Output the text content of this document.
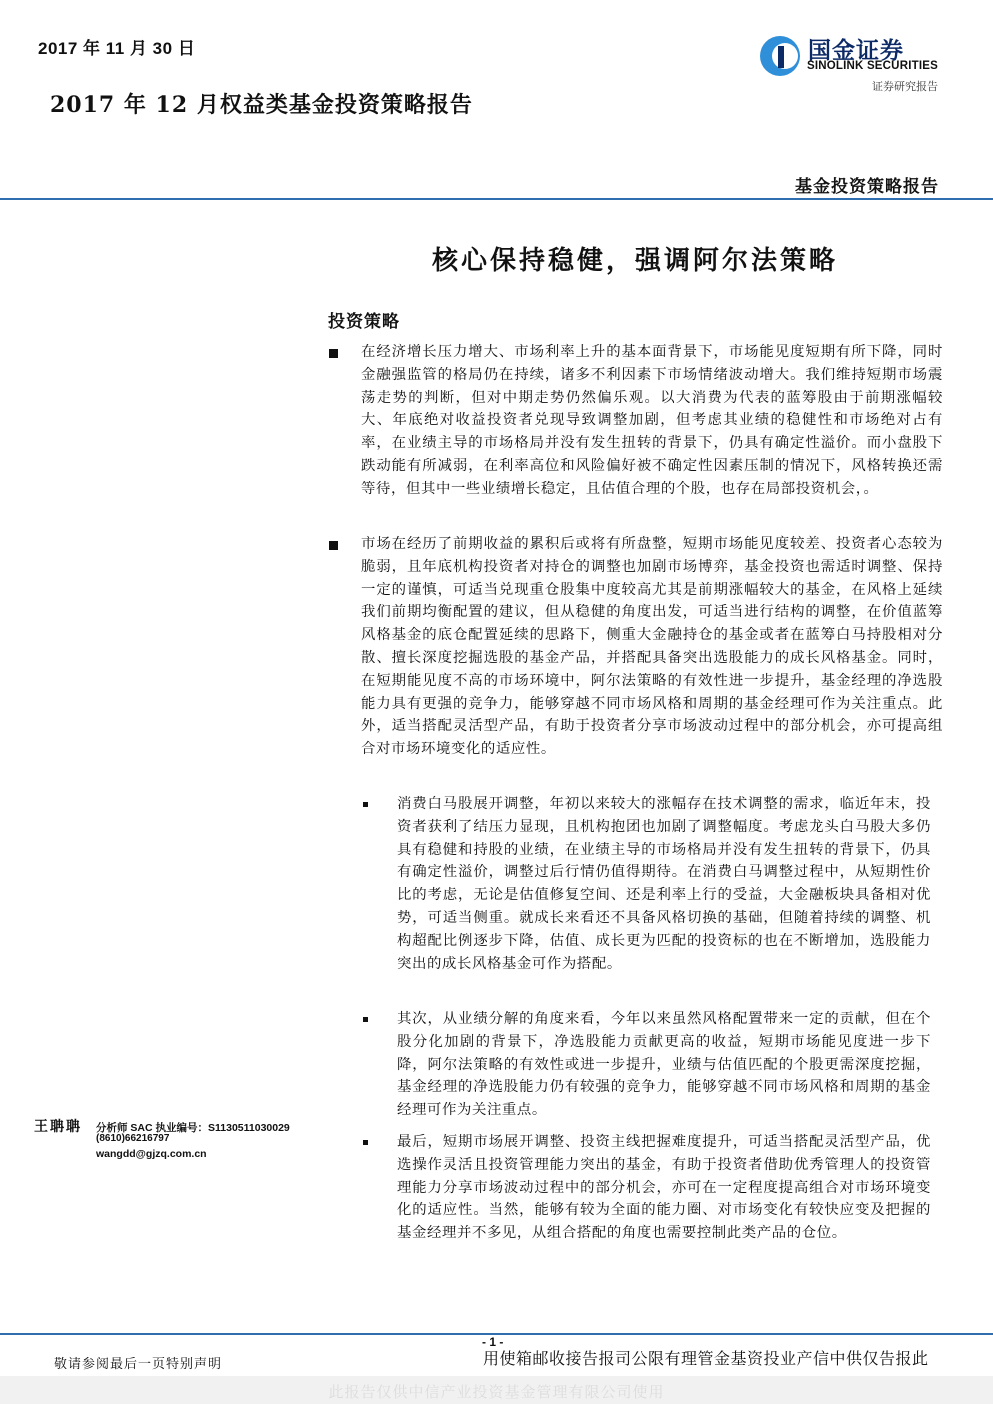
2017 年 11 月 30 日
2017 年 12 月权益类基金投资策略报告
国金证券
SINOLINK SECURITIES
证券研究报告
基金投资策略报告
核心保持稳健，强调阿尔法策略
投资策略
在经济增长压力增大、市场利率上升的基本面背景下，市场能见度短期有所下降，同时金融强监管的格局仍在持续，诸多不利因素下市场情绪波动增大。我们维持短期市场震荡走势的判断，但对中期走势仍然偏乐观。以大消费为代表的蓝筹股由于前期涨幅较大、年底绝对收益投资者兑现导致调整加剧，但考虑其业绩的稳健性和市场绝对占有率，在业绩主导的市场格局并没有发生扭转的背景下，仍具有确定性溢价。而小盘股下跌动能有所减弱，在利率高位和风险偏好被不确定性因素压制的情况下，风格转换还需等待，但其中一些业绩增长稳定，且估值合理的个股，也存在局部投资机会，。
市场在经历了前期收益的累积后或将有所盘整，短期市场能见度较差、投资者心态较为脆弱，且年底机构投资者对持仓的调整也加剧市场博弈，基金投资也需适时调整、保持一定的谨慎，可适当兑现重仓股集中度较高尤其是前期涨幅较大的基金，在风格上延续我们前期均衡配置的建议，但从稳健的角度出发，可适当进行结构的调整，在价值蓝筹风格基金的底仓配置延续的思路下，侧重大金融持仓的基金或者在蓝筹白马持股相对分散、擅长深度挖掘选股的基金产品，并搭配具备突出选股能力的成长风格基金。同时，在短期能见度不高的市场环境中，阿尔法策略的有效性进一步提升，基金经理的净选股能力具有更强的竞争力，能够穿越不同市场风格和周期的基金经理可作为关注重点。此外，适当搭配灵活型产品，有助于投资者分享市场波动过程中的部分机会，亦可提高组合对市场环境变化的适应性。
消费白马股展开调整，年初以来较大的涨幅存在技术调整的需求，临近年末，投资者获利了结压力显现，且机构抱团也加剧了调整幅度。考虑龙头白马股大多仍具有稳健和持股的业绩，在业绩主导的市场格局并没有发生扭转的背景下，仍具有确定性溢价，调整过后行情仍值得期待。在消费白马调整过程中，从短期性价比的考虑，无论是估值修复空间、还是利率上行的受益，大金融板块具备相对优势，可适当侧重。就成长来看还不具备风格切换的基础，但随着持续的调整、机构超配比例逐步下降，估值、成长更为匹配的投资标的也在不断增加，选股能力突出的成长风格基金可作为搭配。
其次，从业绩分解的角度来看，今年以来虽然风格配置带来一定的贡献，但在个股分化加剧的背景下，净选股能力贡献更高的收益，短期市场能见度进一步下降，阿尔法策略的有效性或进一步提升，业绩与估值匹配的个股更需深度挖掘，基金经理的净选股能力仍有较强的竞争力，能够穿越不同市场风格和周期的基金经理可作为关注重点。
最后，短期市场展开调整、投资主线把握难度提升，可适当搭配灵活型产品，优选操作灵活且投资管理能力突出的基金，有助于投资者借助优秀管理人的投资管理能力分享市场波动过程中的部分机会，亦可在一定程度提高组合对市场环境变化的适应性。当然，能够有较为全面的能力圈、对市场变化有较快应变及把握的基金经理并不多见，从组合搭配的角度也需要控制此类产品的仓位。
王聃聃 分析师 SAC 执业编号：S1130511030029
(8610)66216797
wangdd@gjzq.com.cn
- 1 -
敬请参阅最后一页特别声明	用使箱邮收接告报司公限有理管金基资投业产信中供仅告报此
此报告仅供中信产业投资基金管理有限公司使用
